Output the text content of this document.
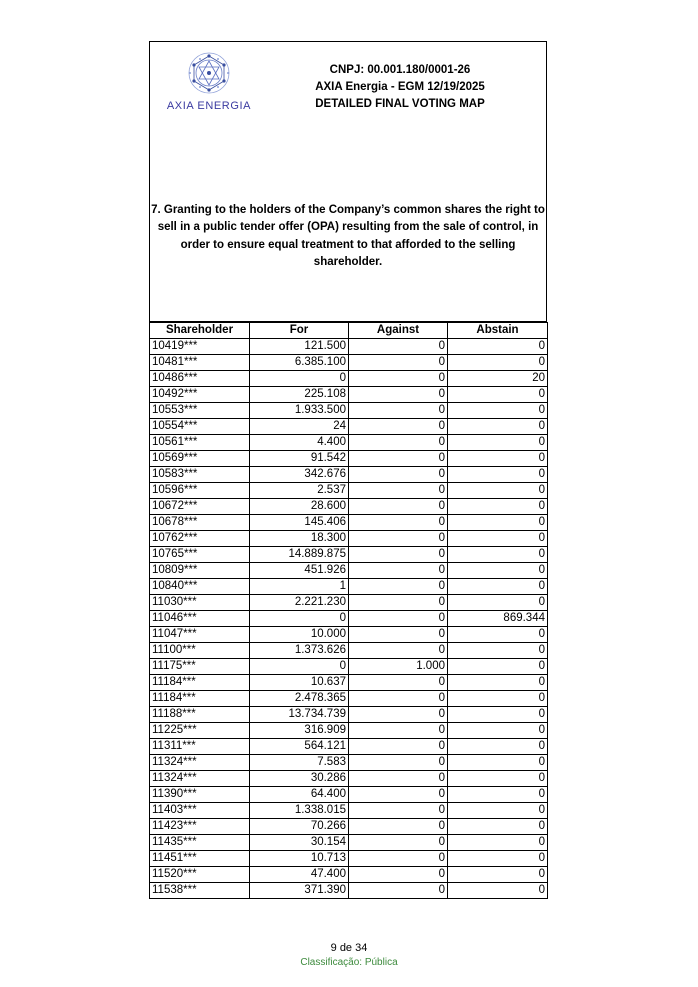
AXIA ENERGIA
CNPJ: 00.001.180/0001-26
AXIA Energia - EGM 12/19/2025
DETAILED FINAL VOTING MAP
7. Granting to the holders of the Company’s common shares the right to sell in a public tender offer (OPA) resulting from the sale of control, in order to ensure equal treatment to that afforded to the selling shareholder.
Shareholder	For	Against	Abstain
10419***	121.500	0	0
10481***	6.385.100	0	0
10486***	0	0	20
10492***	225.108	0	0
10553***	1.933.500	0	0
10554***	24	0	0
10561***	4.400	0	0
10569***	91.542	0	0
10583***	342.676	0	0
10596***	2.537	0	0
10672***	28.600	0	0
10678***	145.406	0	0
10762***	18.300	0	0
10765***	14.889.875	0	0
10809***	451.926	0	0
10840***	1	0	0
11030***	2.221.230	0	0
11046***	0	0	869.344
11047***	10.000	0	0
11100***	1.373.626	0	0
11175***	0	1.000	0
11184***	10.637	0	0
11184***	2.478.365	0	0
11188***	13.734.739	0	0
11225***	316.909	0	0
11311***	564.121	0	0
11324***	7.583	0	0
11324***	30.286	0	0
11390***	64.400	0	0
11403***	1.338.015	0	0
11423***	70.266	0	0
11435***	30.154	0	0
11451***	10.713	0	0
11520***	47.400	0	0
11538***	371.390	0	0
9 de 34
Classificação: Pública
